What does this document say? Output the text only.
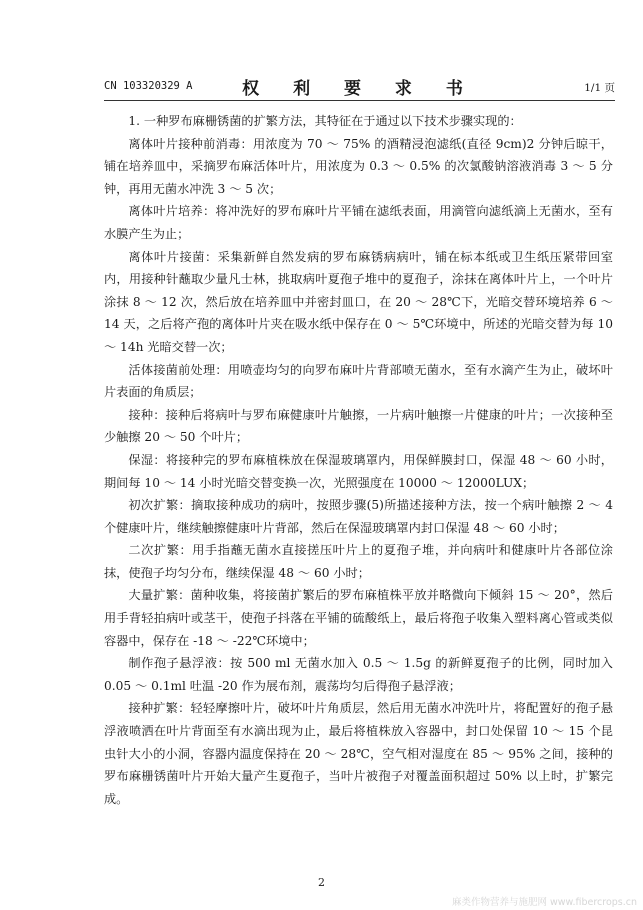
CN 103320329 A	权 利 要 求 书	1/1 页

1. 一种罗布麻栅锈菌的扩繁方法，其特征在于通过以下技术步骤实现的：

离体叶片接种前消毒：用浓度为 70 ～ 75% 的酒精浸泡滤纸(直径 9cm)2 分钟后晾干，铺在培养皿中，采摘罗布麻活体叶片，用浓度为 0.3 ～ 0.5% 的次氯酸钠溶液消毒 3 ～ 5 分钟，再用无菌水冲洗 3 ～ 5 次；

离体叶片培养：将冲洗好的罗布麻叶片平铺在滤纸表面，用滴管向滤纸滴上无菌水，至有水膜产生为止；

离体叶片接菌：采集新鲜自然发病的罗布麻锈病病叶，铺在标本纸或卫生纸压紧带回室内，用接种针蘸取少量凡士林，挑取病叶夏孢子堆中的夏孢子，涂抹在离体叶片上，一个叶片涂抹 8 ～ 12 次，然后放在培养皿中并密封皿口，在 20 ～ 28℃下，光暗交替环境培养 6 ～ 14 天，之后将产孢的离体叶片夹在吸水纸中保存在 0 ～ 5℃环境中，所述的光暗交替为每 10 ～ 14h 光暗交替一次；

活体接菌前处理：用喷壶均匀的向罗布麻叶片背部喷无菌水，至有水滴产生为止，破坏叶片表面的角质层；

接种：接种后将病叶与罗布麻健康叶片触擦，一片病叶触擦一片健康的叶片；一次接种至少触擦 20 ～ 50 个叶片；

保湿：将接种完的罗布麻植株放在保湿玻璃罩内，用保鲜膜封口，保湿 48 ～ 60 小时，期间每 10 ～ 14 小时光暗交替变换一次，光照强度在 10000 ～ 12000LUX；

初次扩繁：摘取接种成功的病叶，按照步骤(5)所描述接种方法，按一个病叶触擦 2 ～ 4 个健康叶片，继续触擦健康叶片背部，然后在保湿玻璃罩内封口保湿 48 ～ 60 小时；

二次扩繁：用手指蘸无菌水直接搓压叶片上的夏孢子堆，并向病叶和健康叶片各部位涂抹，使孢子均匀分布，继续保湿 48 ～ 60 小时；

大量扩繁：菌种收集，将接菌扩繁后的罗布麻植株平放并略微向下倾斜 15 ～ 20°，然后用手背轻拍病叶或茎干，使孢子抖落在平铺的硫酸纸上，最后将孢子收集入塑料离心管或类似容器中，保存在 -18 ～ -22℃环境中；

制作孢子悬浮液：按 500 ml 无菌水加入 0.5 ～ 1.5g 的新鲜夏孢子的比例，同时加入 0.05 ～ 0.1ml 吐温 -20 作为展布剂，震荡均匀后得孢子悬浮液；

接种扩繁：轻轻摩擦叶片，破坏叶片角质层，然后用无菌水冲洗叶片，将配置好的孢子悬浮液喷洒在叶片背面至有水滴出现为止，最后将植株放入容器中，封口处保留 10 ～ 15 个昆虫针大小的小洞，容器内温度保持在 20 ～ 28℃，空气相对湿度在 85 ～ 95% 之间，接种的罗布麻栅锈菌叶片开始大量产生夏孢子，当叶片被孢子对覆盖面积超过 50% 以上时，扩繁完成。

2
麻类作物营养与施肥网 www.fibercrops.cn
